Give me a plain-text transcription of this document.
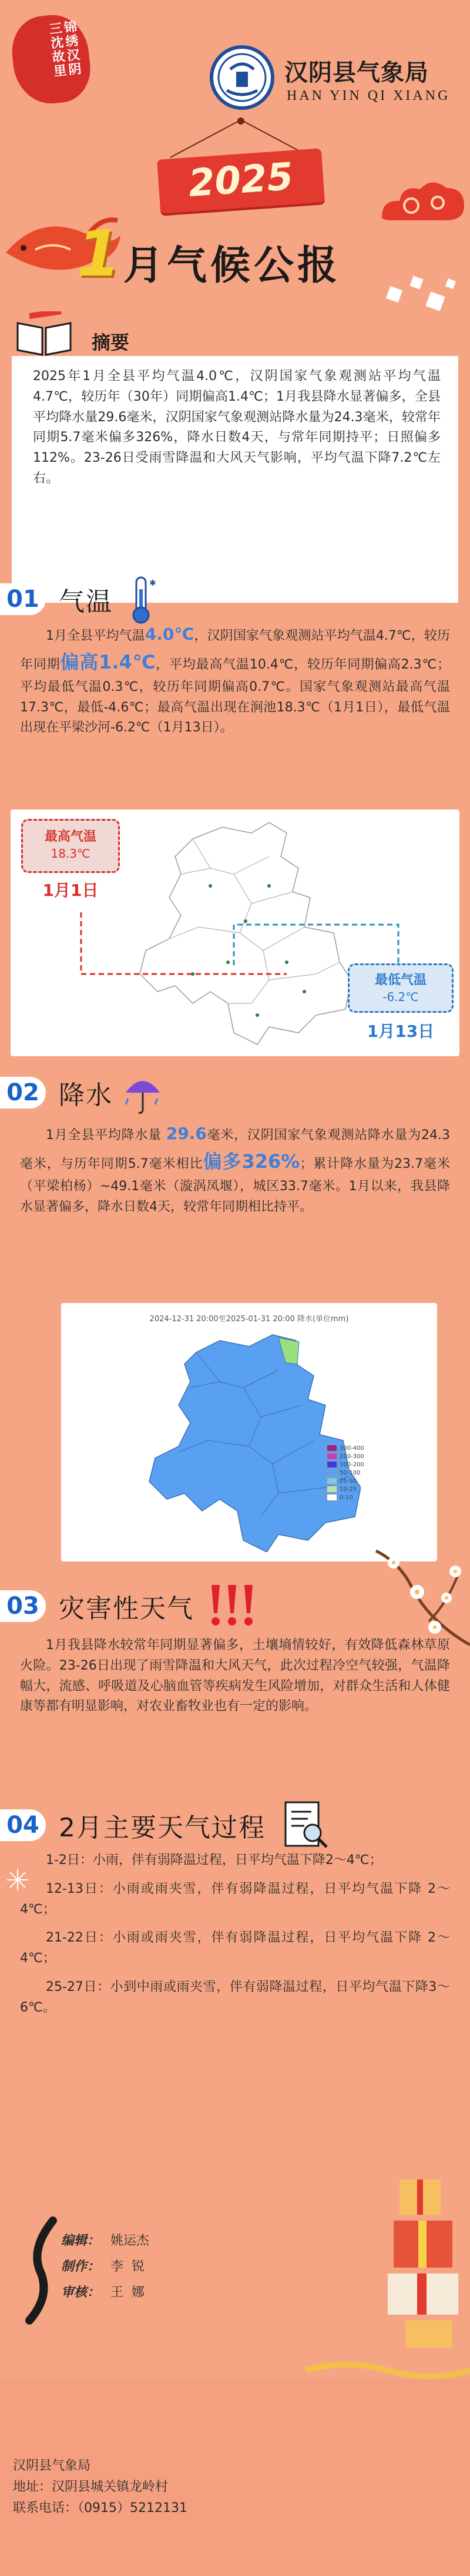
锦绣汉阴 三沈故里	汉阴县气象局
HAN YIN QI XIANG
2025
1 月气候公报
摘要
2025年1月全县平均气温4.0℃，汉阴国家气象观测站平均气温4.7℃，较历年（30年）同期偏高1.4℃；1月我县降水显著偏多，全县平均降水量29.6毫米，汉阴国家气象观测站降水量为24.3毫米，较常年同期5.7毫米偏多326%，降水日数4天，与常年同期持平；日照偏多112%。23-26日受雨雪降温和大风天气影响，平均气温下降7.2℃左右。
01 气温
✱
1月全县平均气温4.0℃，汉阴国家气象观测站平均气温4.7℃，较历年同期偏高1.4℃，平均最高气温10.4℃，较历年同期偏高2.3℃；平均最低气温0.3℃，较历年同期偏高0.7℃。国家气象观测站最高气温17.3℃，最低-4.6℃；最高气温出现在涧池18.3℃（1月1日），最低气温出现在平梁沙河-6.2℃（1月13日）。
最高气温
18.3℃
1月1日
最低气温
-6.2℃
1月13日
02 降水
1月全县平均降水量 29.6毫米，汉阴国家气象观测站降水量为24.3毫米，与历年同期5.7毫米相比偏多326%；累计降水量为23.7毫米（平梁柏杨）~49.1毫米（漩涡凤堰），城区33.7毫米。1月以来，我县降水显著偏多，降水日数4天，较常年同期相比持平。
2024-12-31 20:00至2025-01-31 20:00 降水(单位mm)
300-400
200-300
100-200
50-100
25-50
10-25
0-10
03 灾害性天气
1月我县降水较常年同期显著偏多，土壤墒情较好，有效降低森林草原火险。23-26日出现了雨雪降温和大风天气，此次过程冷空气较强，气温降幅大，流感、呼吸道及心脑血管等疾病发生风险增加，对群众生活和人体健康等都有明显影响，对农业畜牧业也有一定的影响。
04 2月主要天气过程
1-2日：小雨，伴有弱降温过程，日平均气温下降2～4℃；
12-13日：小雨或雨夹雪，伴有弱降温过程，日平均气温下降 2～4℃；
21-22日：小雨或雨夹雪，伴有弱降温过程，日平均气温下降 2～4℃；
25-27日：小到中雨或雨夹雪，伴有弱降温过程，日平均气温下降3～6℃。
编辑： 姚运杰
制作： 李  锐
审核： 王  娜
汉阴县气象局
地址：汉阴县城关镇龙岭村
联系电话：（0915）5212131
